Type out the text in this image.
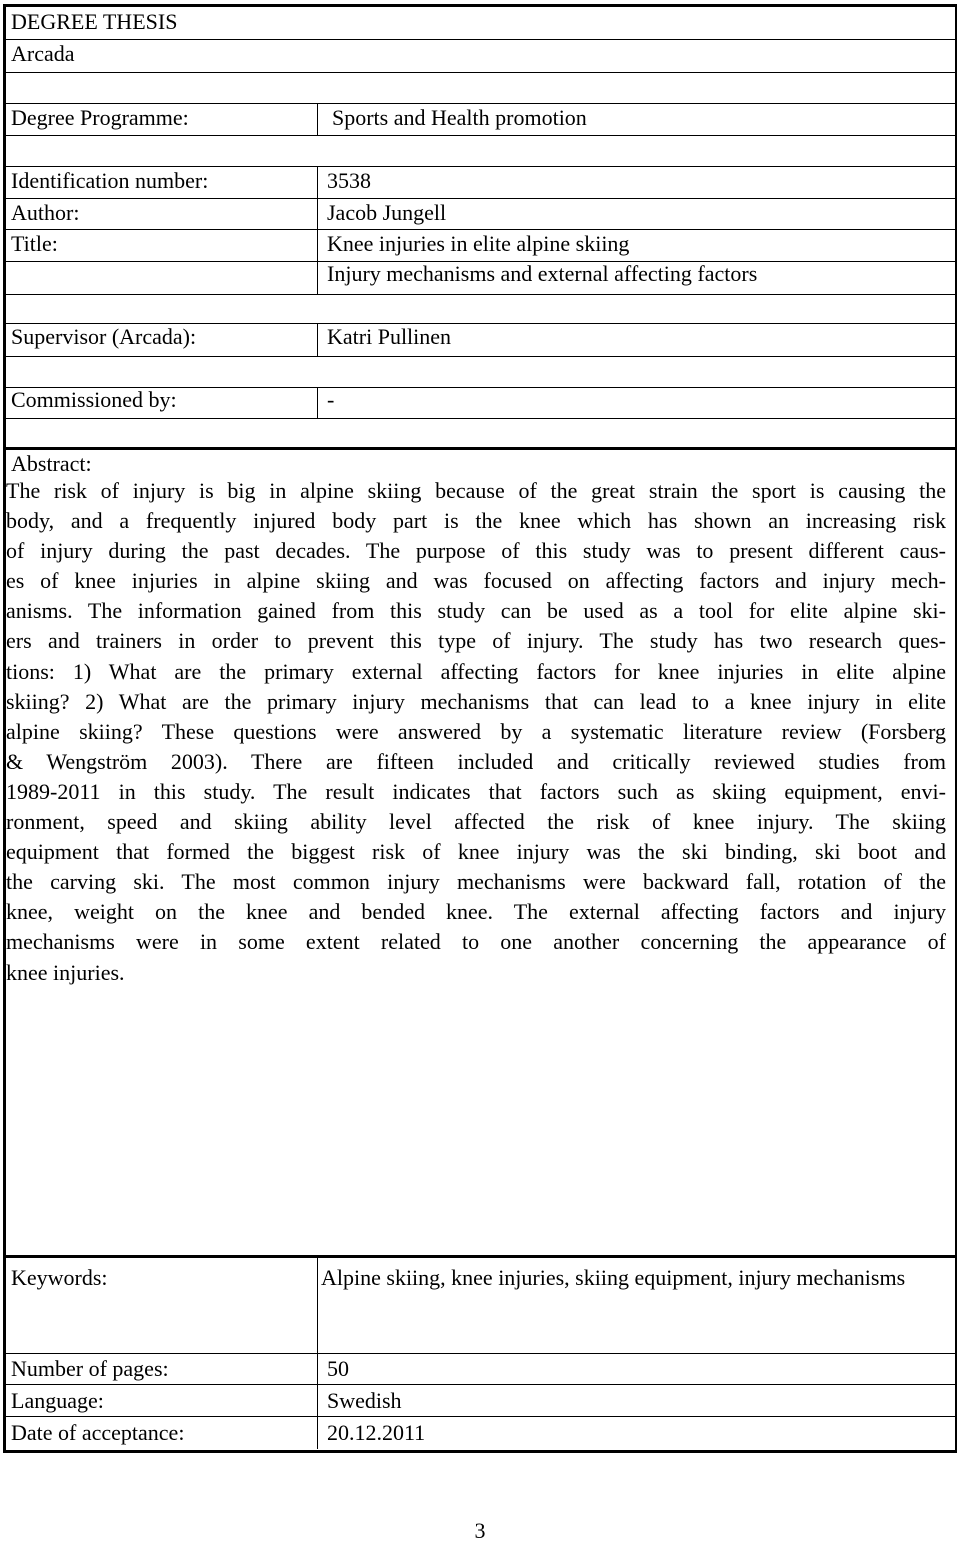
DEGREE THESIS
Arcada
Degree Programme:	Sports and Health promotion
Identification number:	3538
Author:	Jacob Jungell
Title:	Knee injuries in elite alpine skiing
Injury mechanisms and external affecting factors
Supervisor (Arcada):	Katri Pullinen
Commissioned by:	-
Abstract:
The risk of injury is big in alpine skiing because of the great strain the sport is causing the
body, and a frequently injured body part is the knee which has shown an increasing risk
of injury during the past decades. The purpose of this study was to present different caus-
es of knee injuries in alpine skiing and was focused on affecting factors and injury mech-
anisms. The information gained from this study can be used as a tool for elite alpine ski-
ers and trainers in order to prevent this type of injury. The study has two research ques-
tions: 1) What are the primary external affecting factors for knee injuries in elite alpine
skiing? 2) What are the primary injury mechanisms that can lead to a knee injury in elite
alpine skiing? These questions were answered by a systematic literature review (Forsberg
& Wengström 2003). There are fifteen included and critically reviewed studies from
1989-2011 in this study. The result indicates that factors such as skiing equipment, envi-
ronment, speed and skiing ability level affected the risk of knee injury. The skiing
equipment that formed the biggest risk of knee injury was the ski binding, ski boot and
the carving ski. The most common injury mechanisms were backward fall, rotation of the
knee, weight on the knee and bended knee. The external affecting factors and injury
mechanisms were in some extent related to one another concerning the appearance of
knee injuries.
Keywords:	Alpine skiing, knee injuries, skiing equipment, injury mechanisms
Number of pages:	50
Language:	Swedish
Date of acceptance:	20.12.2011
3
